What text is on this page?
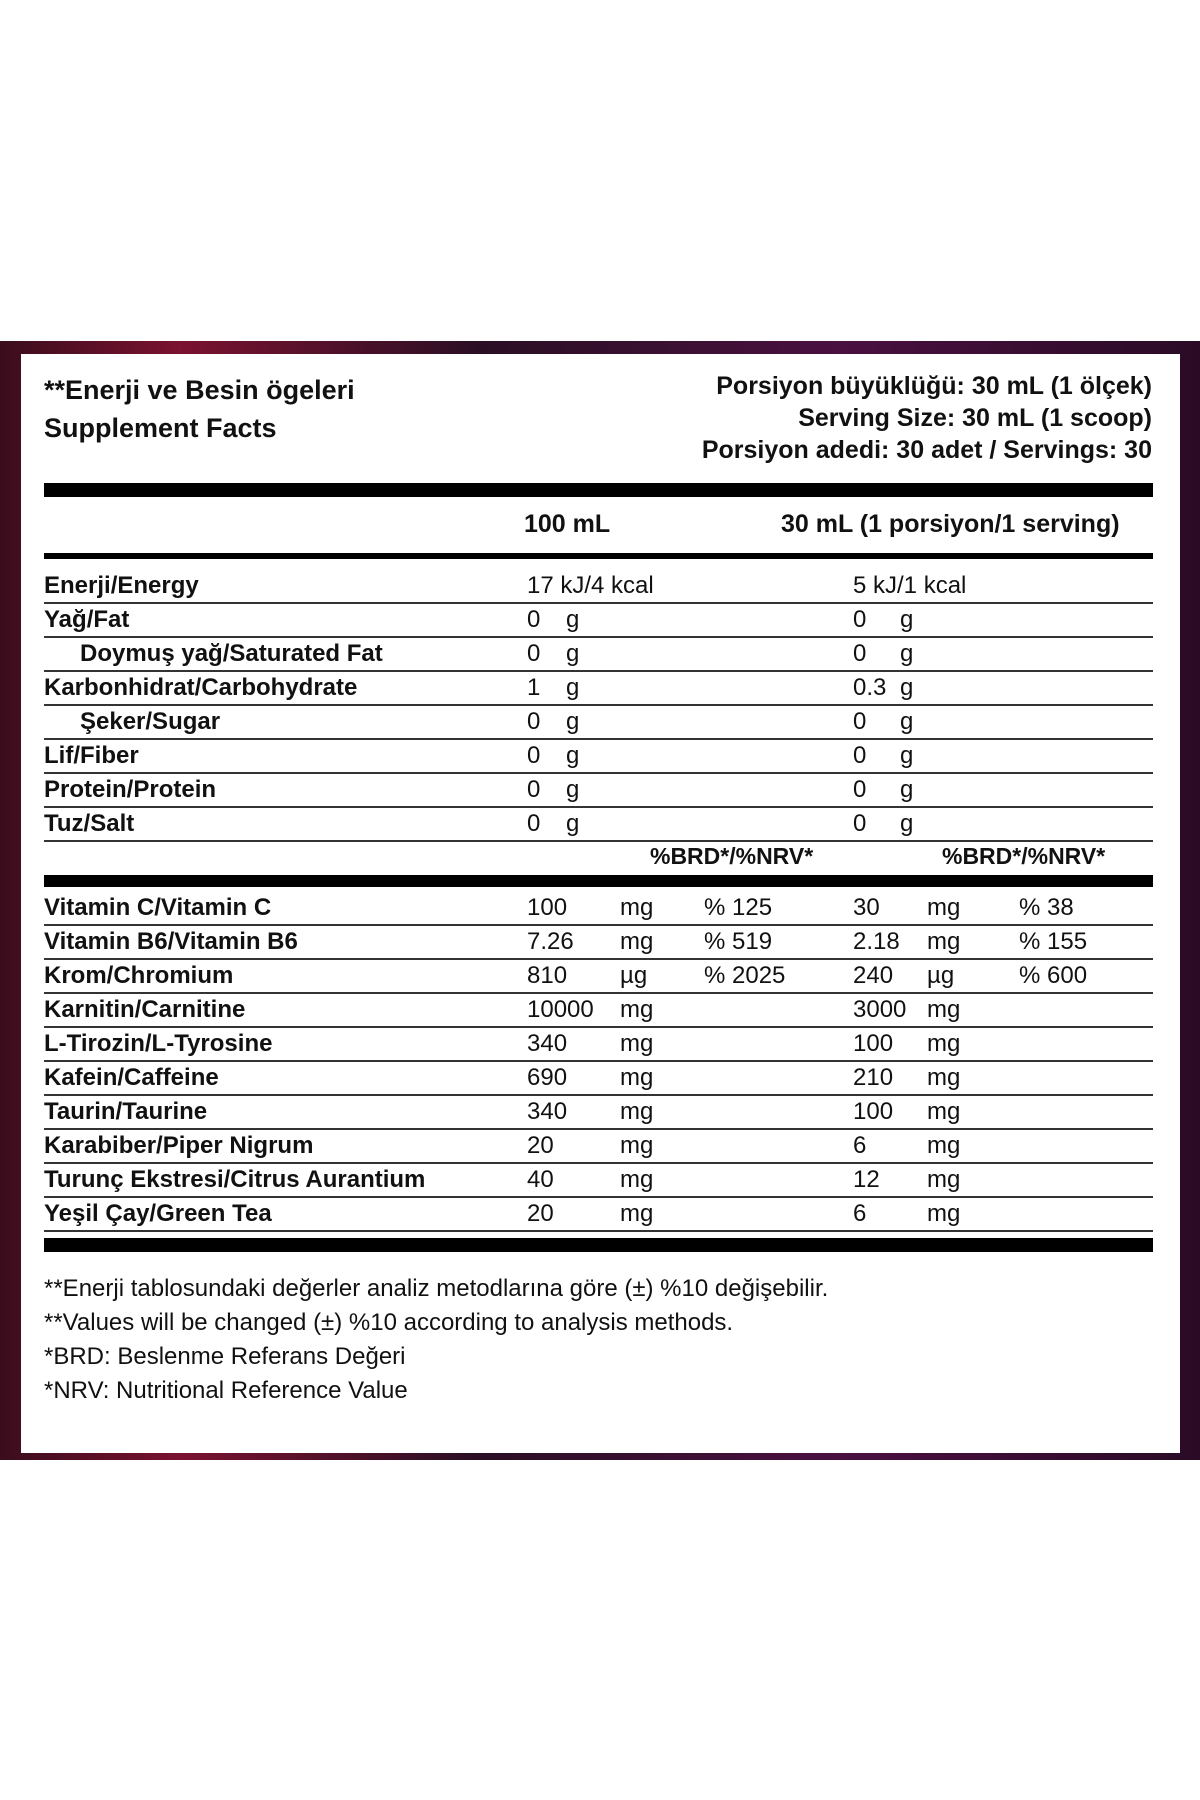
**Enerji ve Besin ögeleri
Supplement Facts
Porsiyon büyüklüğü: 30 mL (1 ölçek)
Serving Size: 30 mL (1 scoop)
Porsiyon adedi: 30 adet / Servings: 30
100 mL	30 mL (1 porsiyon/1 serving)
Enerji/Energy	17 kJ/4 kcal	5 kJ/1 kcal
Yağ/Fat	0 g	0 g
Doymuş yağ/Saturated Fat	0 g	0 g
Karbonhidrat/Carbohydrate	1 g	0.3 g
Şeker/Sugar	0 g	0 g
Lif/Fiber	0 g	0 g
Protein/Protein	0 g	0 g
Tuz/Salt	0 g	0 g
%BRD*/%NRV*	%BRD*/%NRV*
Vitamin C/Vitamin C	100 mg % 125	30 mg % 38
Vitamin B6/Vitamin B6	7.26 mg % 519	2.18 mg % 155
Krom/Chromium	810 µg % 2025	240 µg	% 600
Karnitin/Carnitine	10000 mg	3000 mg
L-Tirozin/L-Tyrosine	340 mg	100 mg
Kafein/Caffeine	690 mg	210 mg
Taurin/Taurine	340 mg	100 mg
Karabiber/Piper Nigrum	20	mg	6	mg
Turunç Ekstresi/Citrus Aurantium	40	mg	12 mg
Yeşil Çay/Green Tea	20	mg	6	mg
**Enerji tablosundaki değerler analiz metodlarına göre (±) %10 değişebilir.
**Values will be changed (±) %10 according to analysis methods.
*BRD: Beslenme Referans Değeri
*NRV: Nutritional Reference Value
